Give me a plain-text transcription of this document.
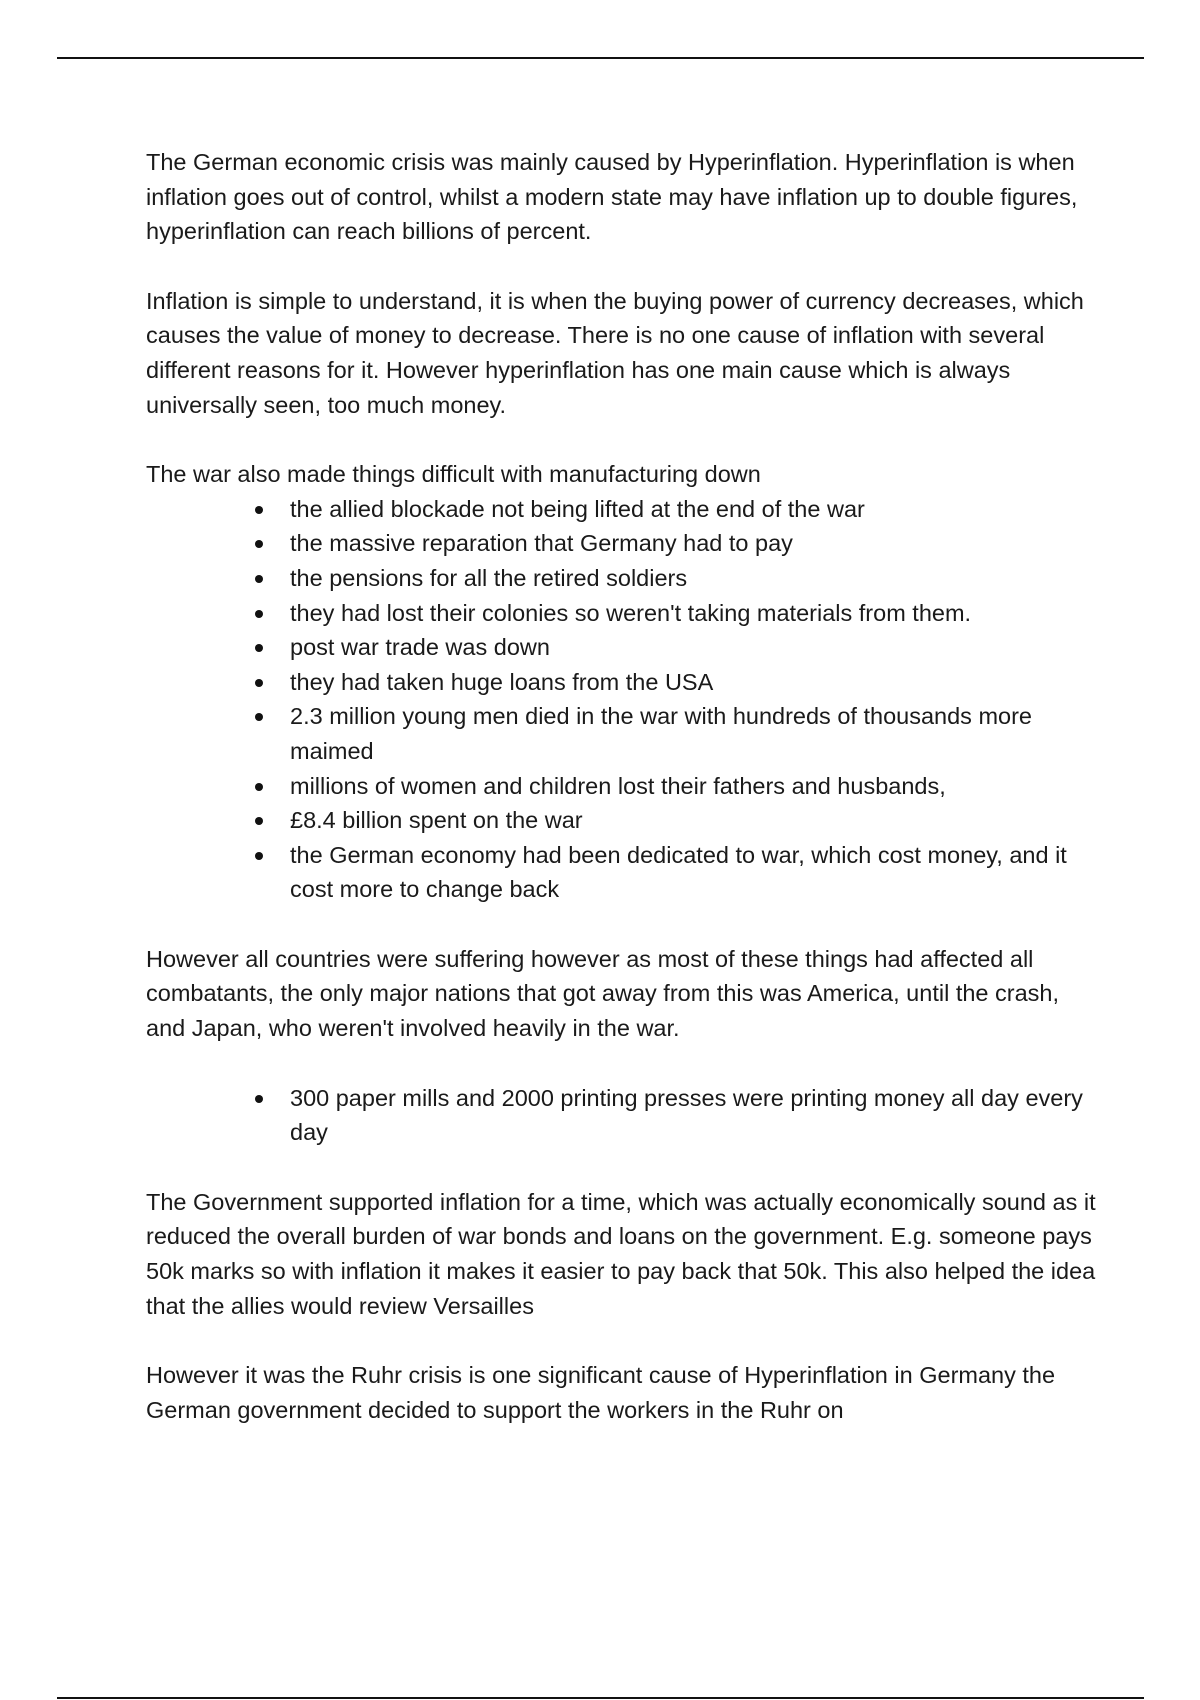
The German economic crisis was mainly caused by Hyperinflation. Hyperinflation is when inflation goes out of control, whilst a modern state may have inflation up to double figures, hyperinflation can reach billions of percent.

Inflation is simple to understand, it is when the buying power of currency decreases, which causes the value of money to decrease. There is no one cause of inflation with several different reasons for it. However hyperinflation has one main cause which is always universally seen, too much money.

The war also made things difficult with manufacturing down

the allied blockade not being lifted at the end of the war
the massive reparation that Germany had to pay
the pensions for all the retired soldiers
they had lost their colonies so weren't taking materials from them.
post war trade was down
they had taken huge loans from the USA
2.3 million young men died in the war with hundreds of thousands more maimed
millions of women and children lost their fathers and husbands,
£8.4 billion spent on the war
the German economy had been dedicated to war, which cost money, and it cost more to change back

However all countries were suffering however as most of these things had affected all combatants, the only major nations that got away from this was America, until the crash, and Japan, who weren't involved heavily in the war.

300 paper mills and 2000 printing presses were printing money all day every day

The Government supported inflation for a time, which was actually economically sound as it reduced the overall burden of war bonds and loans on the government. E.g. someone pays 50k marks so with inflation it makes it easier to pay back that 50k. This also helped the idea that the allies would review Versailles

However it was the Ruhr crisis is one significant cause of Hyperinflation in Germany the German government decided to support the workers in the Ruhr on
